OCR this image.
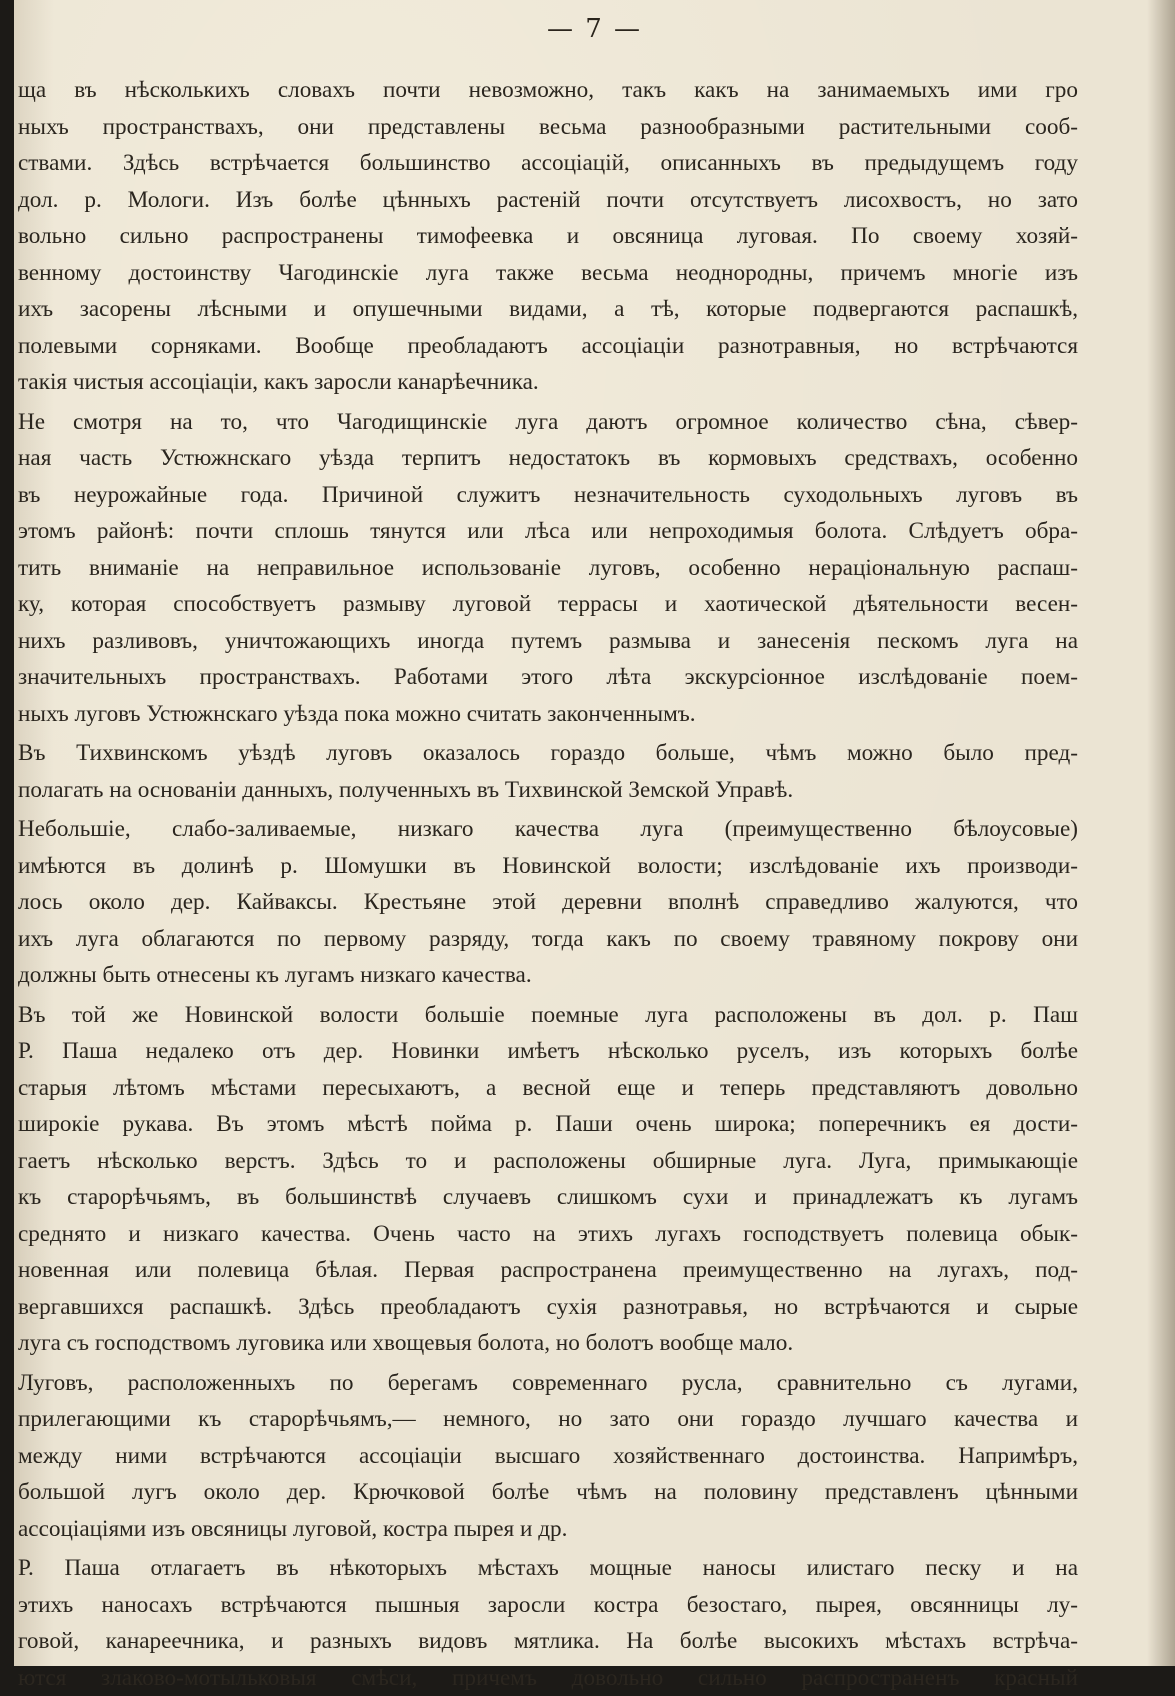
— 7 —
ща въ нѣсколькихъ словахъ почти невозможно, такъ какъ на занимаемыхъ ими гро
ныхъ пространствахъ, они представлены весьма разнообразными растительными сооб-
ствами. Здѣсь встрѣчается большинство ассоціацій, описанныхъ въ предыдущемъ году
дол. р. Мологи. Изъ болѣе цѣнныхъ растеній почти отсутствуетъ лисохвостъ, но зато
вольно сильно распространены тимофеевка и овсяница луговая. По своему хозяй-
венному достоинству Чагодинскіе луга также весьма неоднородны, причемъ многіе изъ
ихъ засорены лѣсными и опушечными видами, а тѣ, которые подвергаются распашкѣ,
полевыми сорняками. Вообще преобладаютъ ассоціаціи разнотравныя, но встрѣчаются
такія чистыя ассоціаціи, какъ заросли канарѣечника.
Не смотря на то, что Чагодищинскіе луга даютъ огромное количество сѣна, сѣвер-
ная часть Устюжнскаго уѣзда терпитъ недостатокъ въ кормовыхъ средствахъ, особенно
въ неурожайные года. Причиной служитъ незначительность суходольныхъ луговъ въ
этомъ районѣ: почти сплошь тянутся или лѣса или непроходимыя болота. Слѣдуетъ обра-
тить вниманіе на неправильное использованіе луговъ, особенно нераціональную распаш-
ку, которая способствуетъ размыву луговой террасы и хаотической дѣятельности весен-
нихъ разливовъ, уничтожающихъ иногда путемъ размыва и занесенія пескомъ луга на
значительныхъ пространствахъ. Работами этого лѣта экскурсіонное изслѣдованіе поем-
ныхъ луговъ Устюжнскаго уѣзда пока можно считать законченнымъ.
Въ Тихвинскомъ уѣздѣ луговъ оказалось гораздо больше, чѣмъ можно было пред-
полагать на основаніи данныхъ, полученныхъ въ Тихвинской Земской Управѣ.
Небольшіе, слабо-заливаемые, низкаго качества луга (преимущественно бѣлоусовые)
имѣются въ долинѣ р. Шомушки въ Новинской волости; изслѣдованіе ихъ производи-
лось около дер. Кайваксы. Крестьяне этой деревни вполнѣ справедливо жалуются, что
ихъ луга облагаются по первому разряду, тогда какъ по своему травяному покрову они
должны быть отнесены къ лугамъ низкаго качества.
Въ той же Новинской волости большіе поемные луга расположены въ дол. р. Паш
Р. Паша недалеко отъ дер. Новинки имѣетъ нѣсколько руселъ, изъ которыхъ болѣе
старыя лѣтомъ мѣстами пересыхаютъ, а весной еще и теперь представляютъ довольно
широкіе рукава. Въ этомъ мѣстѣ пойма р. Паши очень широка; поперечникъ ея дости-
гаетъ нѣсколько верстъ. Здѣсь то и расположены обширные луга. Луга, примыкающіе
къ старорѣчьямъ, въ большинствѣ случаевъ слишкомъ сухи и принадлежатъ къ лугамъ
среднято и низкаго качества. Очень часто на этихъ лугахъ господствуетъ полевица обык-
новенная или полевица бѣлая. Первая распространена преимущественно на лугахъ, под-
вергавшихся распашкѣ. Здѣсь преобладаютъ сухія разнотравья, но встрѣчаются и сырые
луга съ господствомъ луговика или хвощевыя болота, но болотъ вообще мало.
Луговъ, расположенныхъ по берегамъ современнаго русла, сравнительно съ лугами,
прилегающими къ старорѣчьямъ,— немного, но зато они гораздо лучшаго качества и
между ними встрѣчаются ассоціаціи высшаго хозяйственнаго достоинства. Напримѣръ,
большой лугъ около дер. Крючковой болѣе чѣмъ на половину представленъ цѣнными
ассоціаціями изъ овсяницы луговой, костра пырея и др.
Р. Паша отлагаетъ въ нѣкоторыхъ мѣстахъ мощные наносы илистаго песку и на
этихъ наносахъ встрѣчаются пышныя заросли костра безостаго, пырея, овсянницы лу-
говой, канареечника, и разныхъ видовъ мятлика. На болѣе высокихъ мѣстахъ встрѣча-
ются злаково-мотыльковыя смѣси, причемъ довольно сильно распространенъ красный
